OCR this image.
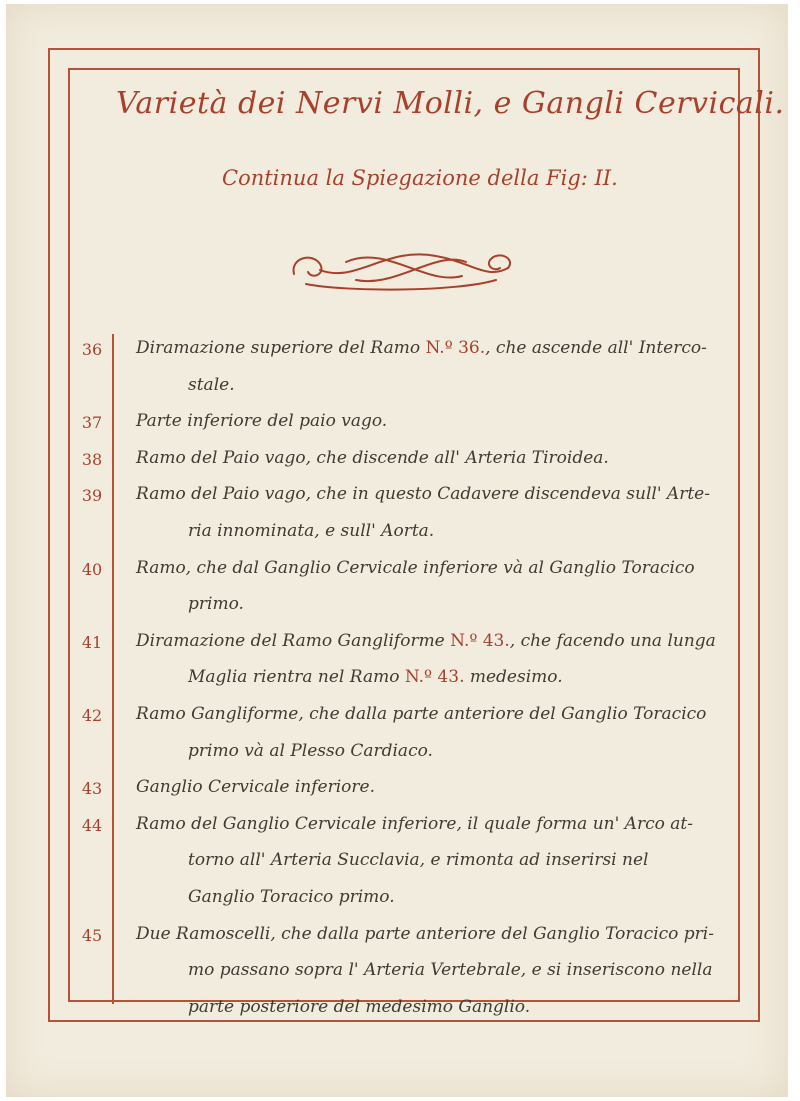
Varietà dei Nervi Molli, e Gangli Cervicali.
Continua la Spiegazione della Fig: II.
36	Diramazione superiore del Ramo N.º 36., che ascende all' Interco-
stale.
37	Parte inferiore del paio vago.
38	Ramo del Paio vago, che discende all' Arteria Tiroidea.
39	Ramo del Paio vago, che in questo Cadavere discendeva sull' Arte-
ria innominata, e sull' Aorta.
40	Ramo, che dal Ganglio Cervicale inferiore và al Ganglio Toracico
primo.
41	Diramazione del Ramo Gangliforme N.º 43., che facendo una lunga
Maglia rientra nel Ramo N.º 43. medesimo.
42	Ramo Gangliforme, che dalla parte anteriore del Ganglio Toracico
primo và al Plesso Cardiaco.
43	Ganglio Cervicale inferiore.
44	Ramo del Ganglio Cervicale inferiore, il quale forma un' Arco at-
torno all' Arteria Succlavia, e rimonta ad inserirsi nel
Ganglio Toracico primo.
45	Due Ramoscelli, che dalla parte anteriore del Ganglio Toracico pri-
mo passano sopra l' Arteria Vertebrale, e si inseriscono nella
parte posteriore del medesimo Ganglio.
